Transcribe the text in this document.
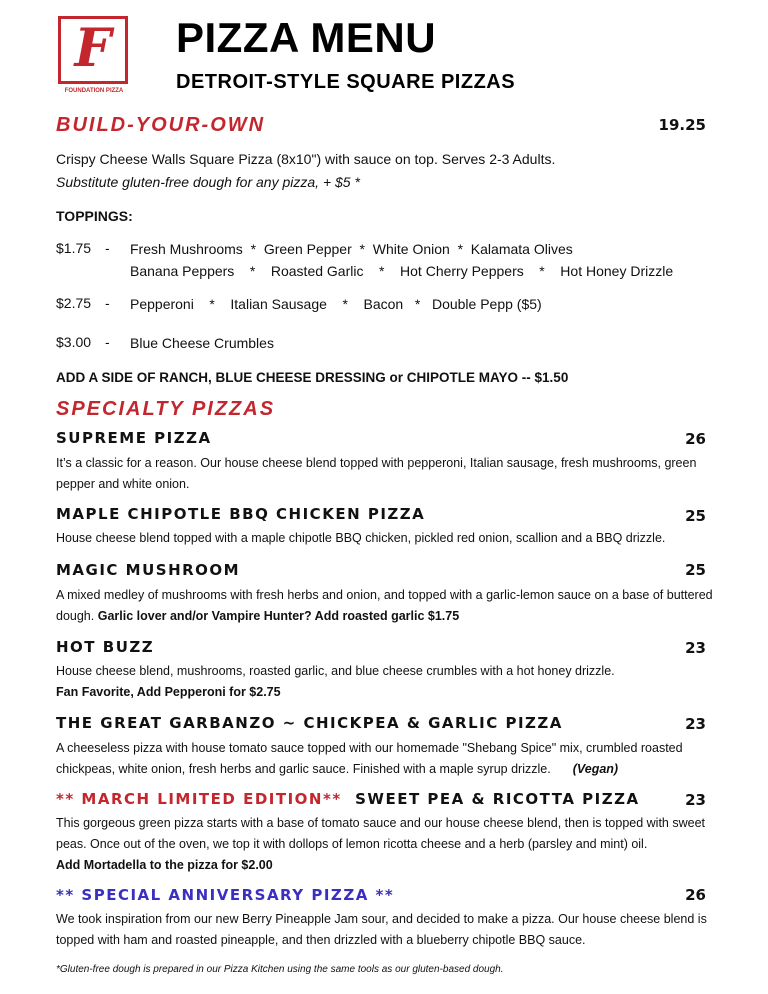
F
FOUNDATION PIZZA
PIZZA MENU
DETROIT-STYLE SQUARE PIZZAS
BUILD-YOUR-OWN	19.25
Crispy Cheese Walls Square Pizza (8x10") with sauce on top. Serves 2-3 Adults.
Substitute gluten-free dough for any pizza, + $5 *
TOPPINGS:
$1.75 - Fresh Mushrooms  *  Green Pepper  *  White Onion  *  Kalamata Olives
Banana Peppers    *    Roasted Garlic    *    Hot Cherry Peppers    *    Hot Honey Drizzle
$2.75 - Pepperoni    *    Italian Sausage    *    Bacon   *   Double Pepp ($5)
$3.00 - Blue Cheese Crumbles
ADD A SIDE OF RANCH, BLUE CHEESE DRESSING or CHIPOTLE MAYO -- $1.50
SPECIALTY PIZZAS
SUPREME PIZZA	26
It’s a classic for a reason. Our house cheese blend topped with pepperoni, Italian sausage, fresh mushrooms, green pepper and white onion.
MAPLE CHIPOTLE BBQ CHICKEN PIZZA	25
House cheese blend topped with a maple chipotle BBQ chicken, pickled red onion, scallion and a BBQ drizzle.
MAGIC MUSHROOM	25
A mixed medley of mushrooms with fresh herbs and onion, and topped with a garlic-lemon sauce on a base of buttered dough. Garlic lover and/or Vampire Hunter? Add roasted garlic $1.75
HOT BUZZ	23
House cheese blend, mushrooms, roasted garlic, and blue cheese crumbles with a hot honey drizzle.
Fan Favorite, Add Pepperoni for $2.75
THE GREAT GARBANZO ~ CHICKPEA & GARLIC PIZZA	23
A cheeseless pizza with house tomato sauce topped with our homemade "Shebang Spice" mix, crumbled roasted chickpeas, white onion, fresh herbs and garlic sauce. Finished with a maple syrup drizzle. (Vegan)
** MARCH LIMITED EDITION** SWEET PEA & RICOTTA PIZZA	23
This gorgeous green pizza starts with a base of tomato sauce and our house cheese blend, then is topped with sweet peas. Once out of the oven, we top it with dollops of lemon ricotta cheese and a herb (parsley and mint) oil.
Add Mortadella to the pizza for $2.00
** SPECIAL ANNIVERSARY PIZZA **	26
We took inspiration from our new Berry Pineapple Jam sour, and decided to make a pizza. Our house cheese blend is topped with ham and roasted pineapple, and then drizzled with a blueberry chipotle BBQ sauce.
*Gluten-free dough is prepared in our Pizza Kitchen using the same tools as our gluten-based dough.
